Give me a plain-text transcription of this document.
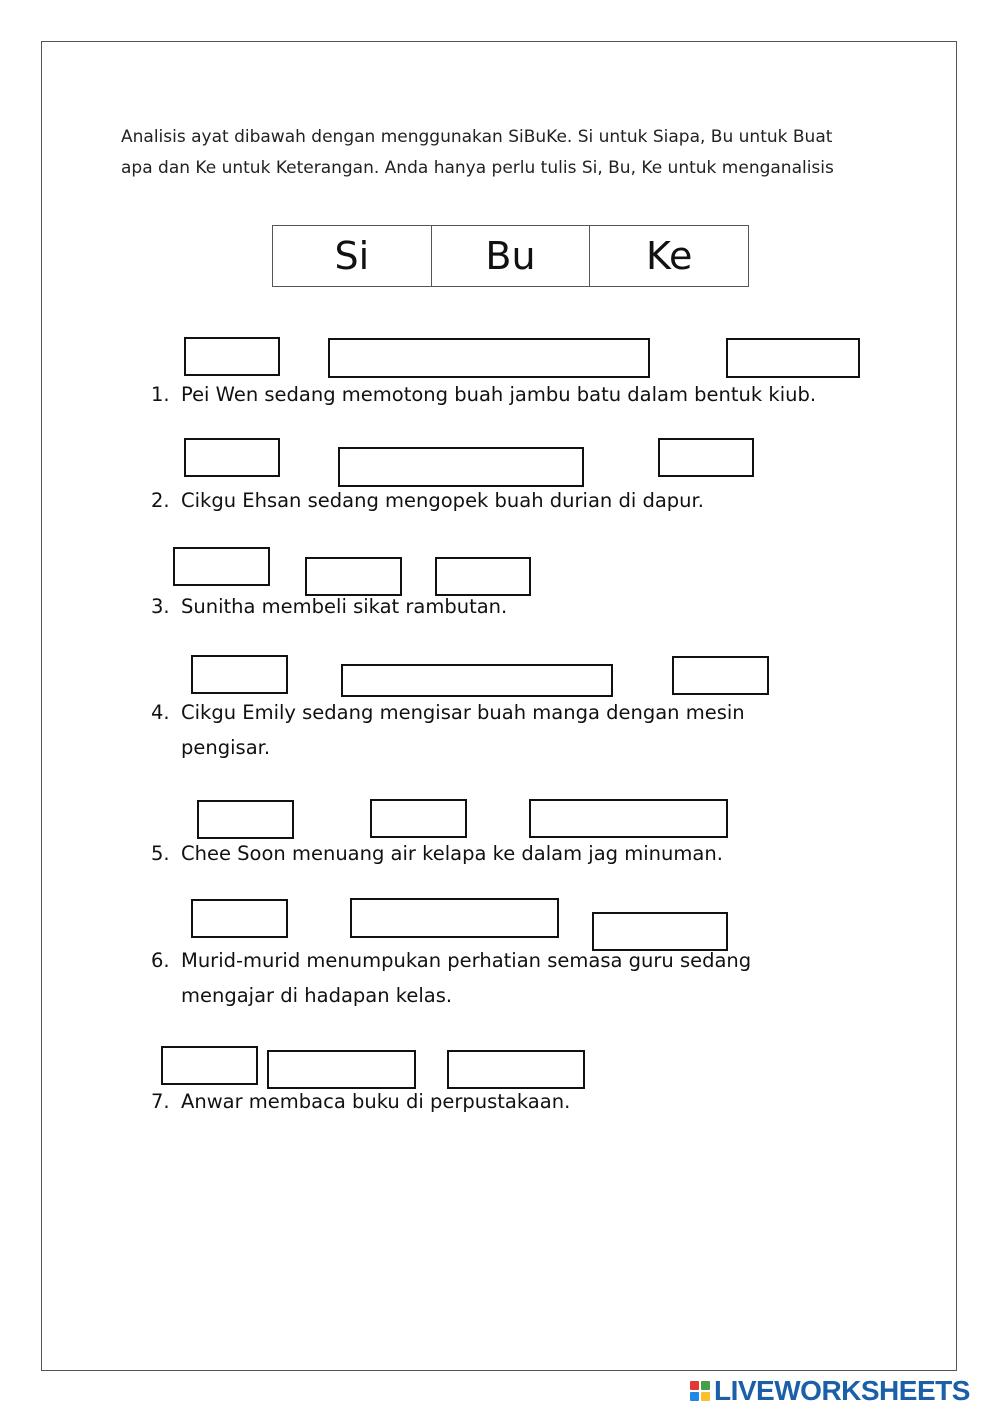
Analisis ayat dibawah dengan menggunakan SiBuKe. Si untuk Siapa, Bu untuk Buat apa dan Ke untuk Keterangan. Anda hanya perlu tulis Si, Bu, Ke untuk menganalisis
Si	Bu	Ke
1. Pei Wen sedang memotong buah jambu batu dalam bentuk kiub.
2. Cikgu Ehsan sedang mengopek buah durian di dapur.
3. Sunitha membeli sikat rambutan.
4. Cikgu Emily sedang mengisar buah manga dengan mesin
pengisar.
5. Chee Soon menuang air kelapa ke dalam jag minuman.
6. Murid-murid menumpukan perhatian semasa guru sedang
mengajar di hadapan kelas.
7. Anwar membaca buku di perpustakaan.
LIVEWORKSHEETS
